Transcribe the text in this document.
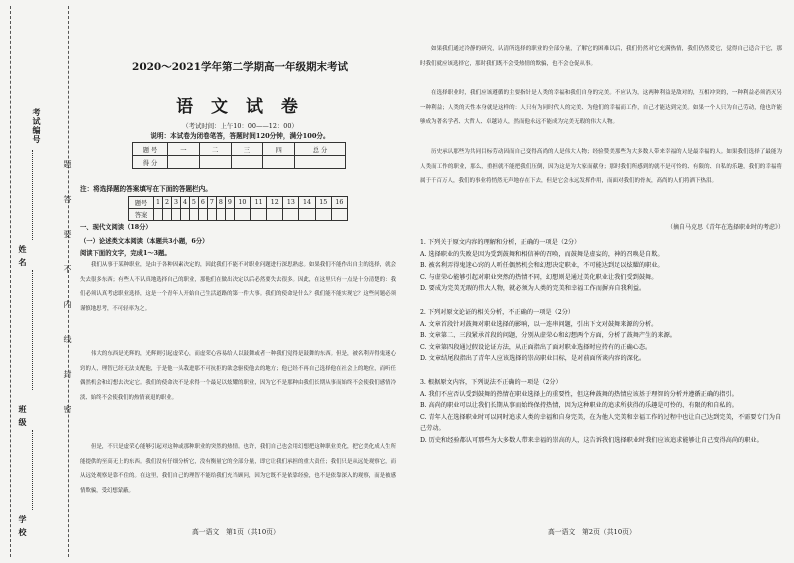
考试编号
姓 名
班 级
学 校
题
答
要
不
内
线
封
密
2020～2021学年第二学期高一年级期末考试
语 文 试 卷
（考试时间：上午10：00——12：00）
说明：本试卷为闭卷笔答，答题时间120分钟，满分100分。
题 号	一	二	三	四	总 分
得 分					
注：将选择题的答案填写在下面的答题栏内。
题号	1	2	3	4	5	6	7	8	9	10	11	12	13	14	15	16
答案																
一、现代文阅读（18分）
（一）论述类文本阅读（本题共3小题，6分）
阅读下面的文字，完成1～3题。
我们从事于某种职业，是由于各种因素决定的，因此我们不能不对职业问题进行深思熟虑。如果我们不能作出自主的选择，就会失去很多东西；有些人不认真地选择自己的职业，那他们在做出决定以后必然要失去很多。因此，在这里只有一点是十分清楚的：我们必须认真考虑职业选择，这是一个青年人开始自己生活道路的第一件大事。我们的使命是什么？我们能不能实现它？这些问题必须谨慎地思考，不可轻率为之。
伟大的东西是光辉的，光辉则引起虚荣心，而虚荣心容易给人以鼓舞或者一种我们觉得是鼓舞的东西。但是，被名利弄得鬼迷心窍的人，理智已经无法支配他，于是他一头栽进那不可抗拒的欲念驱使他去的地方；他已经不再自己选择他在社会上的地位，而听任偶然机会和幻想去决定它。我们的使命决不是求得一个最足以炫耀的职业，因为它不是那种由我们长期从事而始终不会使我们感情冷淡、始终不会使我们的热情衰退的职业。
但是，不只是虚荣心能够引起对这种或那种职业的突然的热情。也许，我们自己也会用幻想把这种职业美化，把它美化成人生所能提供的至高无上的东西。我们没有仔细分析它，没有衡量它的全部分量，即它让我们承担的重大责任；我们只是从远处观察它，而从远处观察是靠不住的。在这里，我们自己的理智不能给我们充当顾问，因为它既不是依靠经验，也不是依靠深入的观察，而是被感情欺骗，受幻想蒙蔽。
高一语文　第1页（共10页）
如果我们通过冷静的研究，认清所选择的职业的全部分量，了解它的困难以后，我们仍然对它充满热情，我们仍然爱它，觉得自己适合于它，那时我们就应该选择它，那时我们既不会受热情的欺骗，也不会仓促从事。
在选择职业时，我们应该遵循的主要指针是人类的幸福和我们自身的完美。不应认为，这两种利益是敌对的，互相冲突的，一种利益必须消灭另一种利益；人类的天性本身就是这样的：人只有为同时代人的完美、为他们的幸福而工作，自己才能达到完美。如果一个人只为自己劳动，他也许能够成为著名学者、大哲人、卓越诗人，然而他永远不能成为完美无瑕的伟大人物。
历史承认那些为共同目标劳动因而自己变得高尚的人是伟大人物；经验赞美那些为大多数人带来幸福的人是最幸福的人。如果我们选择了最能为人类而工作的职业，那么，重担就不能把我们压倒，因为这是为大家而献身；那时我们所感到的就不是可怜的、有限的、自私的乐趣，我们的幸福将属于千百万人，我们的事业将悄然无声地存在下去，但是它会永远发挥作用，而面对我们的骨灰，高尚的人们将洒下热泪。
（摘自马克思《青年在选择职业时的考虑》）
1. 下列关于原文内容的理解和分析，正确的一项是（2分）
A. 选择职业的失败是因为受到鼓舞和相信神的召唤，而鼓舞是虚妄的，神的召唤是自欺。
B. 被名利弄得鬼迷心窍的人听任偶然机会和幻想决定职业，不可能达到足以炫耀的职业。
C. 与虚荣心能够引起对职业突然的热情不同，幻想则是通过美化职业让我们受到鼓舞。
D. 要成为完美无瑕的伟大人物，就必须为人类的完美和幸福工作而摒弃自我利益。
2. 下列对原文论证的相关分析，不正确的一项是（2分）
A. 文章首段针对鼓舞对职业选择的影响，以一连串问题，引出下文对鼓舞来源的分析。
B. 文章第二、三段紧承首段的问题，分别从虚荣心和幻想两个方面，分析了鼓舞产生的来源。
C. 文章第四段通过假设论证方法，从正面指出了面对职业选择时应持有的正确心态。
D. 文章结尾段指出了青年人应该选择的崇高职业目标，是对前面所谈内容的深化。
3. 根据原文内容，下列说法不正确的一项是（2分）
A. 我们不应否认受到鼓舞的热情在职业选择上的重要性，但这种鼓舞的热情应该基于理智的分析并遵循正确的指引。
B. 高尚的职业可以让我们长期从事而始终保持热情，因为这种职业的追求所获得的乐趣是可怜的、有限的和自私的。
C. 青年人在选择职业时可以同时追求人类的幸福和自身完美，在为他人完美和幸福工作的过程中也让自己达到完美，不需要专门为自己劳动。
D. 历史和经验都认可那些为大多数人带来幸福的崇高的人，这告诉我们选择职业时我们应该追求能够让自己变得高尚的职业。
高一语文　第2页（共10页）
